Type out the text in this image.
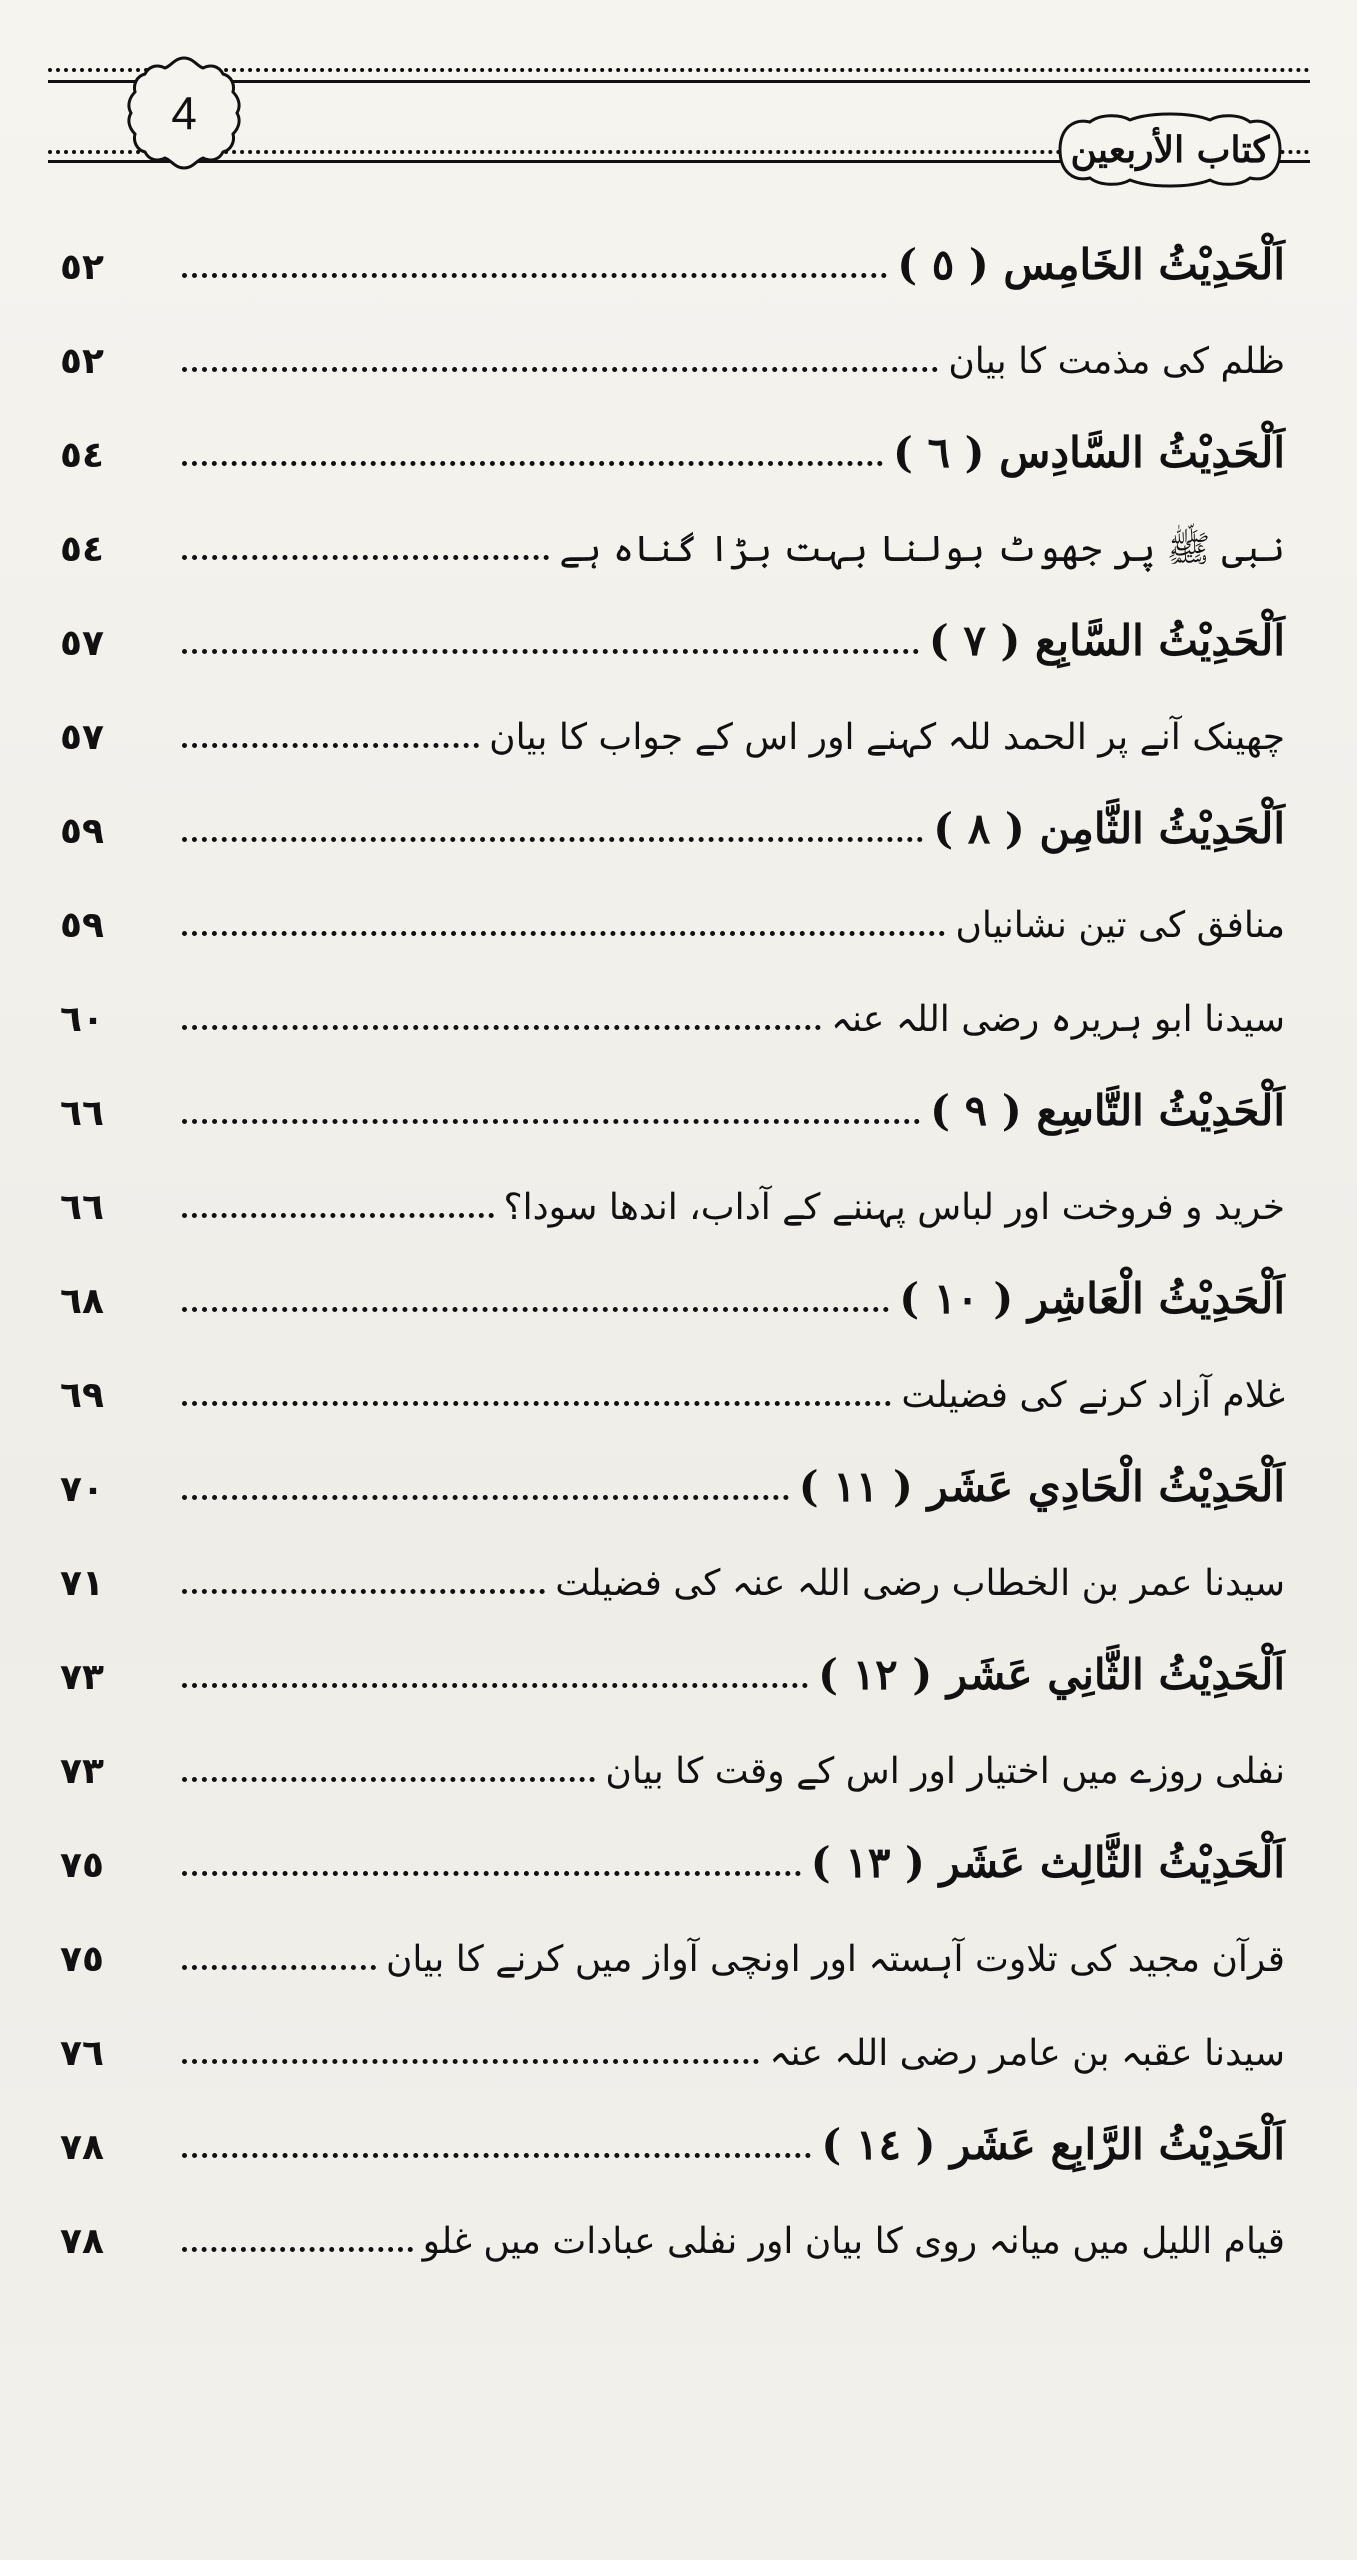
4
کتاب الأربعین
اَلْحَدِيْثُ الخَامِس ( ٥ )
٥٢
ظلم کی مذمت کا بیان
٥٢
اَلْحَدِيْثُ السَّادِس ( ٦ )
٥٤
نبی ﷺ پر جھوٹ بولنا بہت بڑا گناہ ہے
٥٤
اَلْحَدِيْثُ السَّابِع ( ٧ )
٥٧
چھینک آنے پر الحمد للہ کہنے اور اس کے جواب کا بیان
٥٧
اَلْحَدِيْثُ الثَّامِن ( ٨ )
٥٩
منافق کی تین نشانیاں
٥٩
سیدنا ابو ہریرہ رضی اللہ عنہ
٦٠
اَلْحَدِيْثُ التَّاسِع ( ٩ )
٦٦
خرید و فروخت اور لباس پہننے کے آداب، اندھا سودا؟
٦٦
اَلْحَدِيْثُ الْعَاشِر ( ١٠ )
٦٨
غلام آزاد کرنے کی فضیلت
٦٩
اَلْحَدِيْثُ الْحَادِي عَشَر ( ١١ )
٧٠
سیدنا عمر بن الخطاب رضی اللہ عنہ کی فضیلت
٧١
اَلْحَدِيْثُ الثَّانِي عَشَر ( ١٢ )
٧٣
نفلی روزے میں اختیار اور اس کے وقت کا بیان
٧٣
اَلْحَدِيْثُ الثَّالِث عَشَر ( ١٣ )
٧٥
قرآن مجید کی تلاوت آہستہ اور اونچی آواز میں کرنے کا بیان
٧٥
سیدنا عقبہ بن عامر رضی اللہ عنہ
٧٦
اَلْحَدِيْثُ الرَّابِع عَشَر ( ١٤ )
٧٨
قیام اللیل میں میانہ روی کا بیان اور نفلی عبادات میں غلو
٧٨
